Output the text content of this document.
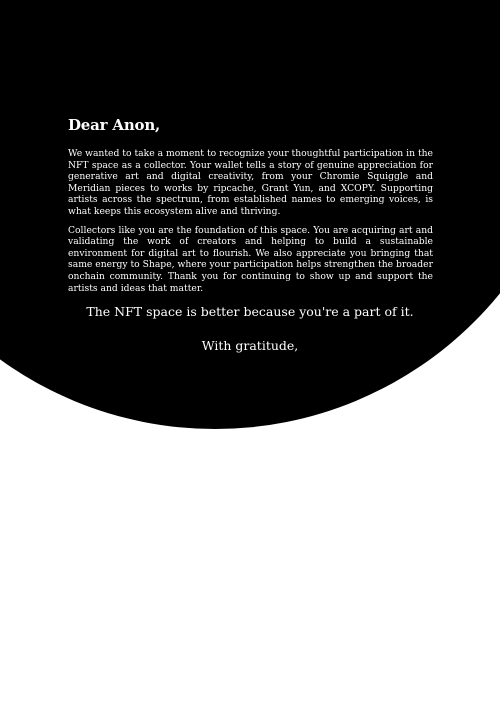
Dear Anon,

We wanted to take a moment to recognize your thoughtful participation in the NFT space as a collector. Your wallet tells a story of genuine appreciation for generative art and digital creativity, from your Chromie Squiggle and Meridian pieces to works by ripcache, Grant Yun, and XCOPY. Supporting artists across the spectrum, from established names to emerging voices, is what keeps this ecosystem alive and thriving.

Collectors like you are the foundation of this space. You are acquiring art and validating the work of creators and helping to build a sustainable environment for digital art to flourish. We also appreciate you bringing that same energy to Shape, where your participation helps strengthen the broader onchain community. Thank you for continuing to show up and support the artists and ideas that matter.

The NFT space is better because you're a part of it.
With gratitude,
